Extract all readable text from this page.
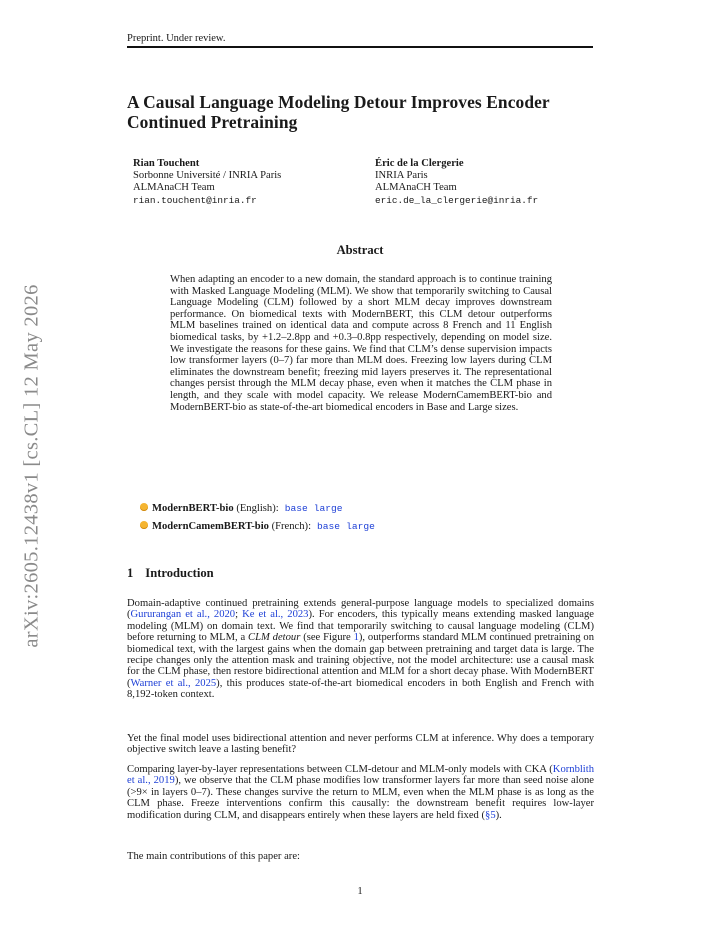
Preprint. Under review.
arXiv:2605.12438v1 [cs.CL] 12 May 2026
A Causal Language Modeling Detour Improves Encoder Continued Pretraining
Rian Touchent
Sorbonne Université / INRIA Paris
ALMAnaCH Team
rian.touchent@inria.fr
Éric de la Clergerie
INRIA Paris
ALMAnaCH Team
eric.de_la_clergerie@inria.fr
Abstract

When adapting an encoder to a new domain, the standard approach is to continue training with Masked Language Modeling (MLM). We show that temporarily switching to Causal Language Modeling (CLM) followed by a short MLM decay improves downstream performance. On biomedical texts with ModernBERT, this CLM detour outperforms MLM baselines trained on identical data and compute across 8 French and 11 English biomedical tasks, by +1.2–2.8pp and +0.3–0.8pp respectively, depending on model size. We investigate the reasons for these gains. We find that CLM’s dense supervision impacts low transformer layers (0–7) far more than MLM does. Freezing low layers during CLM eliminates the downstream benefit; freezing mid layers preserves it. The representational changes persist through the MLM decay phase, even when it matches the CLM phase in length, and they scale with model capacity. We release ModernCamemBERT-bio and ModernBERT-bio as state-of-the-art biomedical encoders in Base and Large sizes.

ModernBERT-bio (English): base large
ModernCamemBERT-bio (French): base large
1 Introduction

Domain-adaptive continued pretraining extends general-purpose language models to specialized domains (Gururangan et al., 2020; Ke et al., 2023). For encoders, this typically means extending masked language modeling (MLM) on domain text. We find that temporarily switching to causal language modeling (CLM) before returning to MLM, a CLM detour (see Figure 1), outperforms standard MLM continued pretraining on biomedical text, with the largest gains when the domain gap between pretraining and target data is large. The recipe changes only the attention mask and training objective, not the model architecture: use a causal mask for the CLM phase, then restore bidirectional attention and MLM for a short decay phase. With ModernBERT (Warner et al., 2025), this produces state-of-the-art biomedical encoders in both English and French with 8,192-token context.

Yet the final model uses bidirectional attention and never performs CLM at inference. Why does a temporary objective switch leave a lasting benefit?

Comparing layer-by-layer representations between CLM-detour and MLM-only models with CKA (Kornblith et al., 2019), we observe that the CLM phase modifies low transformer layers far more than seed noise alone (>9× in layers 0–7). These changes survive the return to MLM, even when the MLM phase is as long as the CLM phase. Freeze interventions confirm this causally: the downstream benefit requires low-layer modification during CLM, and disappears entirely when these layers are held fixed (§5).

The main contributions of this paper are:

1
